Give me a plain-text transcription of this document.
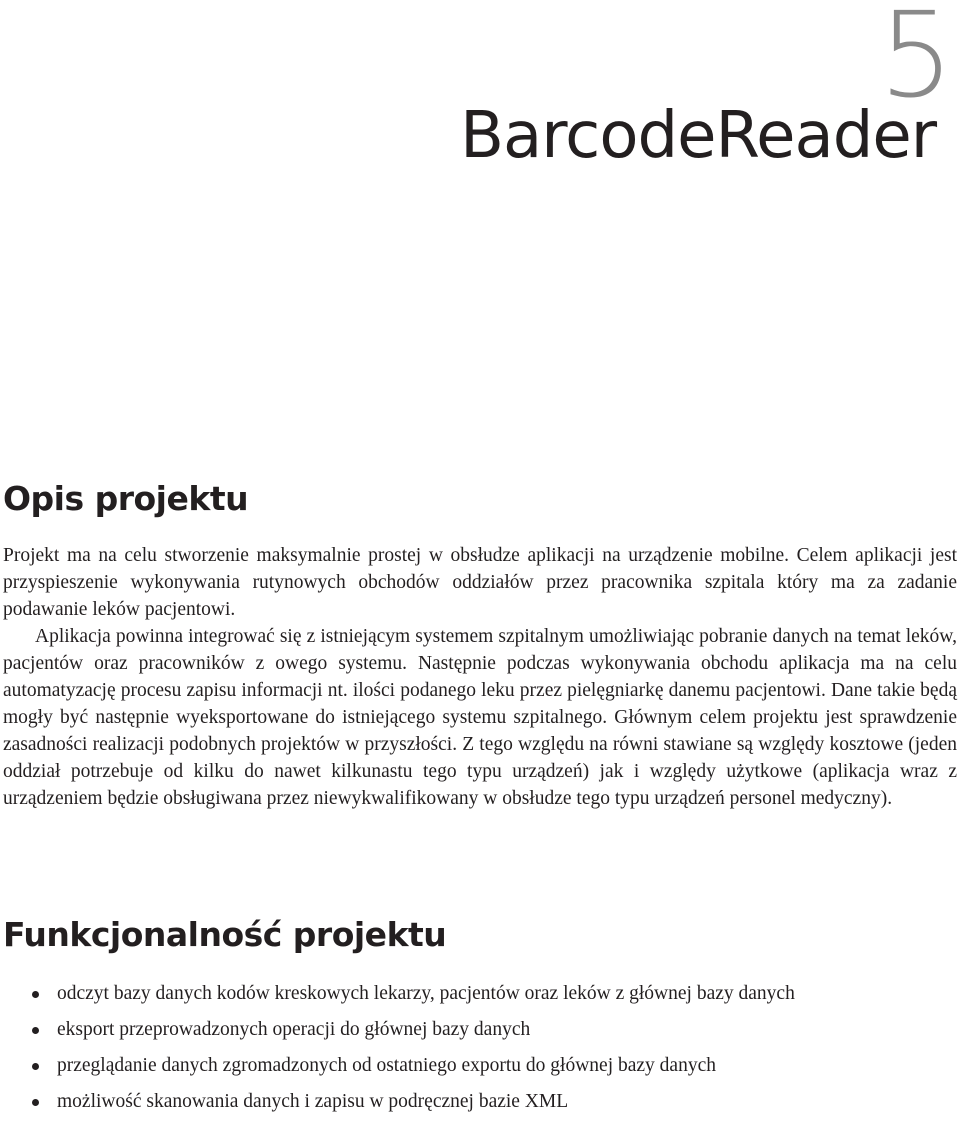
5
BarcodeReader
Opis projektu

Projekt ma na celu stworzenie maksymalnie prostej w obsłudze aplikacji na urządzenie mobilne. Celem aplikacji jest przyspieszenie wykonywania rutynowych obchodów oddziałów przez pracownika szpitala który ma za zadanie podawanie leków pacjentowi.

Aplikacja powinna integrować się z istniejącym systemem szpitalnym umożliwiając pobranie danych na temat leków, pacjentów oraz pracowników z owego systemu. Następnie podczas wykonywania obchodu aplikacja ma na celu automatyzację procesu zapisu informacji nt. ilości podanego leku przez pielęgniarkę danemu pacjentowi. Dane takie będą mogły być następnie wyeksportowane do istniejącego systemu szpitalnego. Głównym celem projektu jest sprawdzenie zasadności realizacji podobnych projektów w przyszłości. Z tego względu na równi stawiane są względy kosztowe (jeden oddział potrzebuje od kilku do nawet kilkunastu tego typu urządzeń) jak i względy użytkowe (aplikacja wraz z urządzeniem będzie obsługiwana przez niewykwalifikowany w obsłudze tego typu urządzeń personel medyczny).

Funkcjonalność projektu
odczyt bazy danych kodów kreskowych lekarzy, pacjentów oraz leków z głównej bazy danych
eksport przeprowadzonych operacji do głównej bazy danych
przeglądanie danych zgromadzonych od ostatniego exportu do głównej bazy danych
możliwość skanowania danych i zapisu w podręcznej bazie XML
